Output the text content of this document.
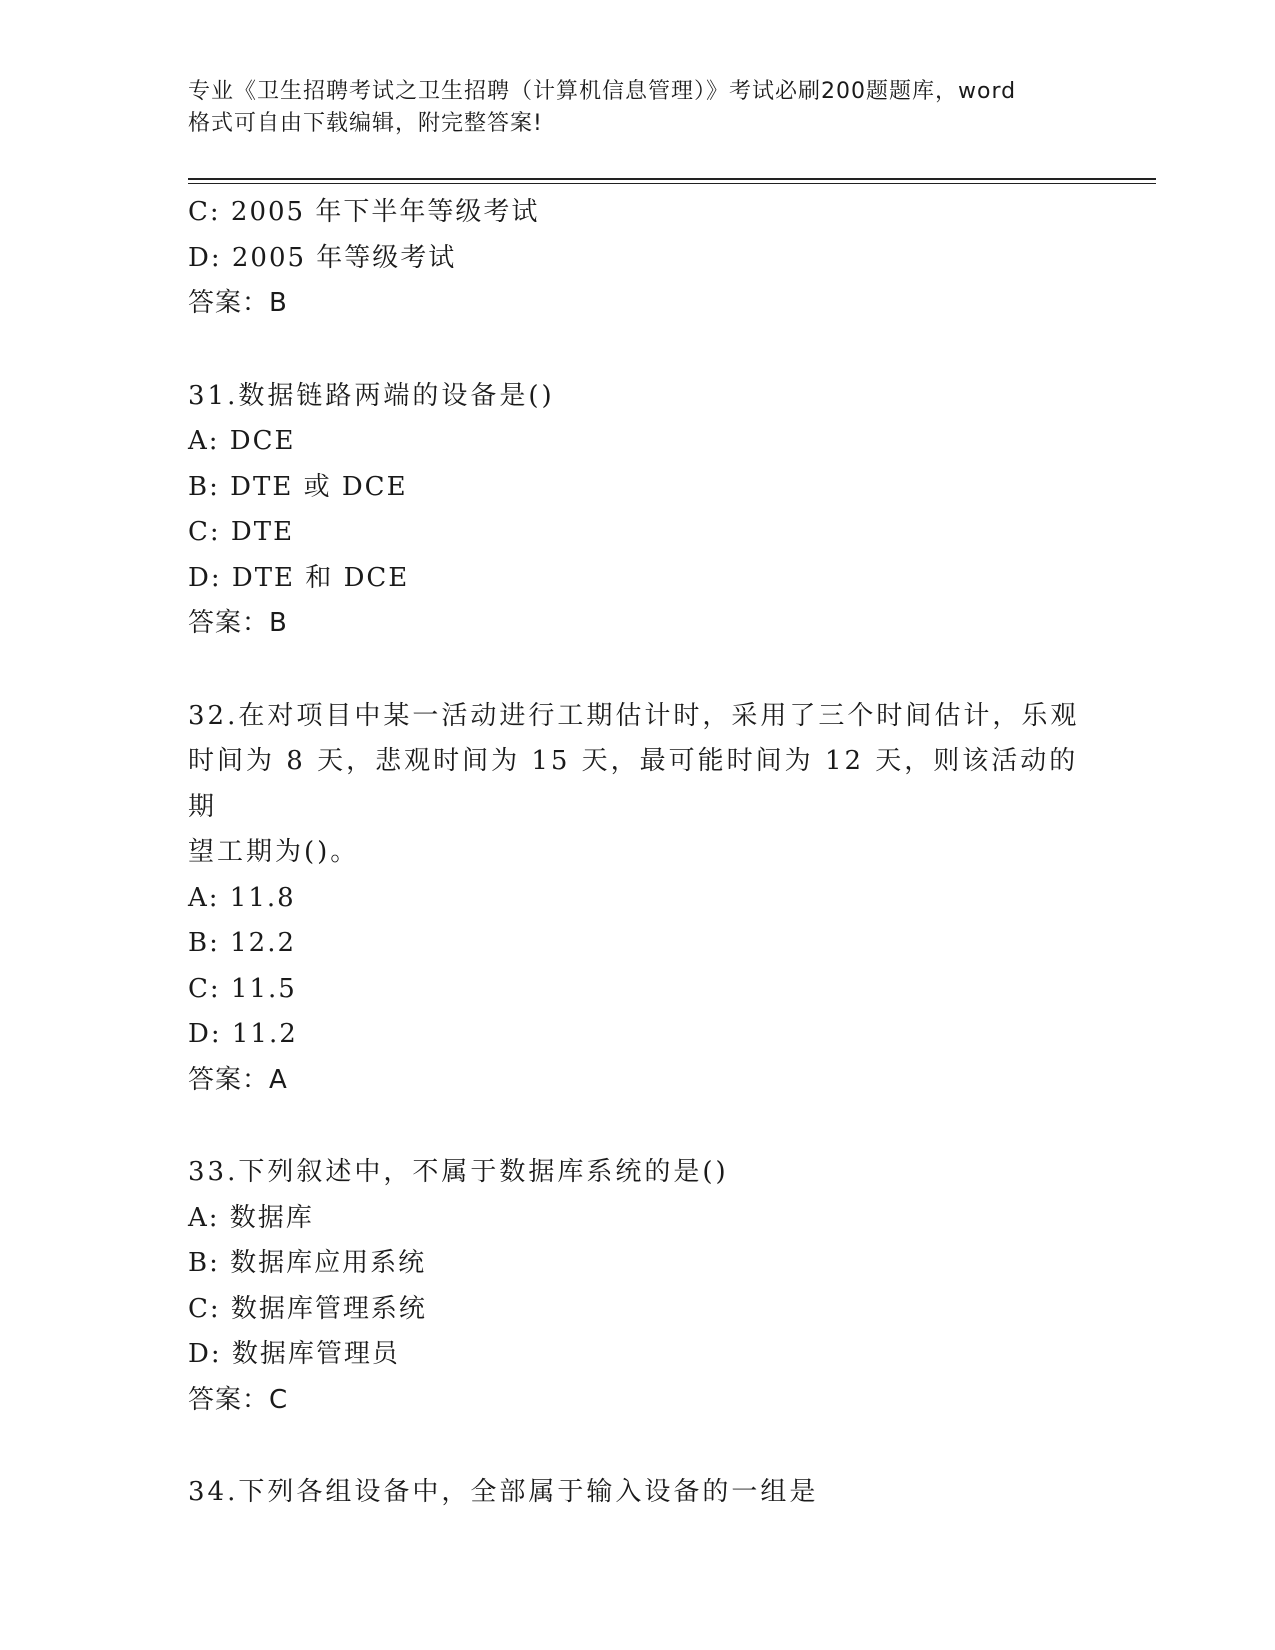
专业《卫生招聘考试之卫生招聘（计算机信息管理）》考试必刷200题题库，word
格式可自由下载编辑，附完整答案!
C: 2005 年下半年等级考试
D: 2005 年等级考试
答案：B
31.数据链路两端的设备是()
A: DCE
B: DTE 或 DCE
C: DTE
D: DTE 和 DCE
答案：B
32.在对项目中某一活动进行工期估计时，采用了三个时间估计，乐观
时间为 8 天，悲观时间为 15 天，最可能时间为 12 天，则该活动的期
望工期为()。
A: 11.8
B: 12.2
C: 11.5
D: 11.2
答案：A
33.下列叙述中，不属于数据库系统的是()
A: 数据库
B: 数据库应用系统
C: 数据库管理系统
D: 数据库管理员
答案：C
34.下列各组设备中，全部属于输入设备的一组是
